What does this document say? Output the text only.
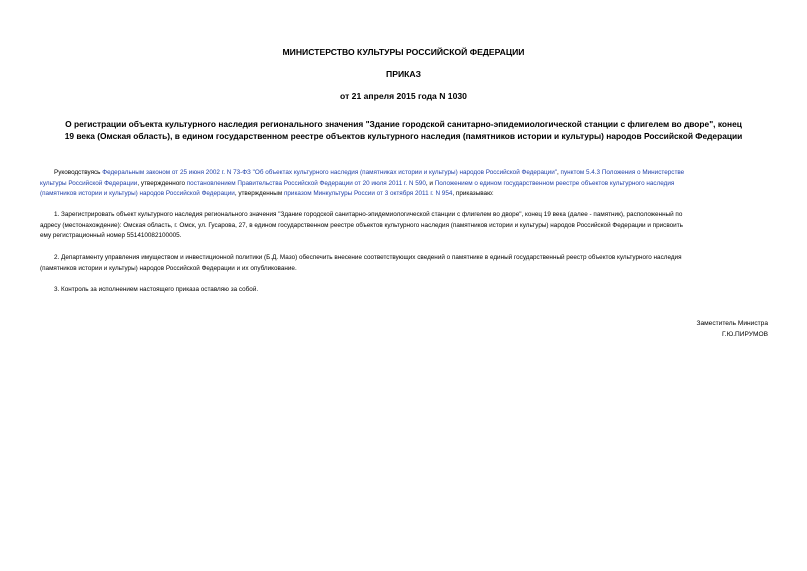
МИНИСТЕРСТВО КУЛЬТУРЫ РОССИЙСКОЙ ФЕДЕРАЦИИ
ПРИКАЗ
от 21 апреля 2015 года N 1030
О регистрации объекта культурного наследия регионального значения "Здание городской санитарно-эпидемиологической станции с флигелем во дворе", конец
19 века (Омская область), в едином государственном реестре объектов культурного наследия (памятников истории и культуры) народов Российской Федерации
Руководствуясь Федеральным законом от 25 июня 2002 г. N 73-ФЗ "Об объектах культурного наследия (памятниках истории и культуры) народов Российской Федерации", пунктом 5.4.3 Положения о Министерстве
культуры Российской Федерации, утвержденного постановлением Правительства Российской Федерации от 20 июля 2011 г. N 590, и Положением о едином государственном реестре объектов культурного наследия
(памятников истории и культуры) народов Российской Федерации, утвержденным приказом Минкультуры России от 3 октября 2011 г. N 954, приказываю:
1. Зарегистрировать объект культурного наследия регионального значения "Здание городской санитарно-эпидемиологической станции с флигелем во дворе", конец 19 века (далее - памятник), расположенный по
адресу (местонахождение): Омская область, г. Омск, ул. Гусарова, 27, в едином государственном реестре объектов культурного наследия (памятников истории и культуры) народов Российской Федерации и присвоить
ему регистрационный номер 551410082100005.
2. Департаменту управления имуществом и инвестиционной политики (Б.Д. Мазо) обеспечить внесение соответствующих сведений о памятнике в единый государственный реестр объектов культурного наследия
(памятников истории и культуры) народов Российской Федерации и их опубликование.
3. Контроль за исполнением настоящего приказа оставляю за собой.
Заместитель Министра
Г.Ю.ПИРУМОВ
